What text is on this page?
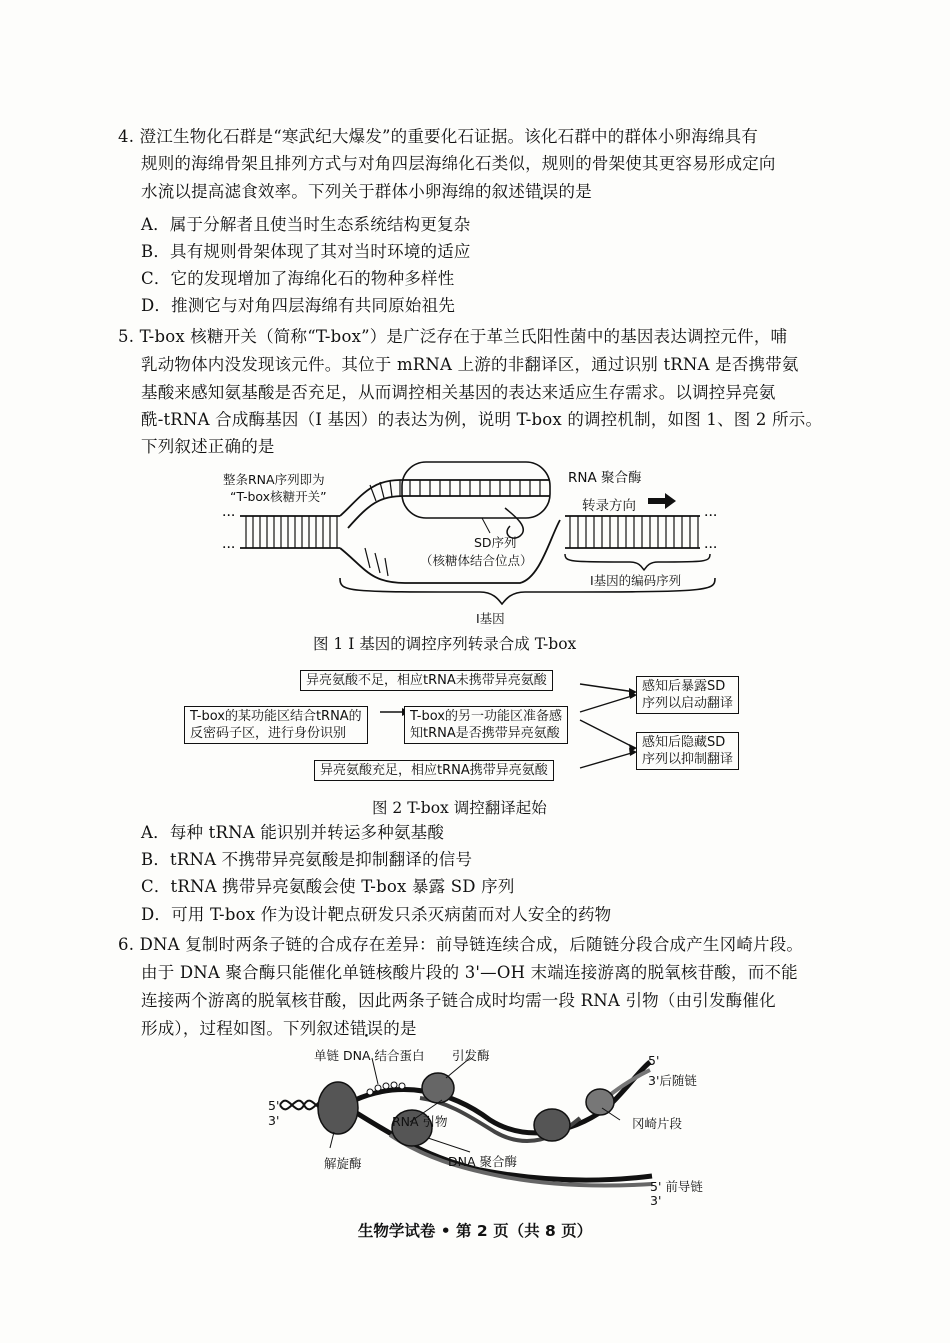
4. 澄江生物化石群是“寒武纪大爆发”的重要化石证据。该化石群中的群体小卵海绵具有
规则的海绵骨架且排列方式与对角四层海绵化石类似，规则的骨架使其更容易形成定向
水流以提高滤食效率。下列关于群体小卵海绵的叙述错误的是
A．属于分解者且使当时生态系统结构更复杂
B．具有规则骨架体现了其对当时环境的适应
C．它的发现增加了海绵化石的物种多样性
D．推测它与对角四层海绵有共同原始祖先
5. T-box 核糖开关（简称“T-box”）是广泛存在于革兰氏阳性菌中的基因表达调控元件，哺
乳动物体内没发现该元件。其位于 mRNA 上游的非翻译区，通过识别 tRNA 是否携带氨
基酸来感知氨基酸是否充足，从而调控相关基因的表达来适应生存需求。以调控异亮氨
酰-tRNA 合成酶基因（I 基因）的表达为例，说明 T-box 的调控机制，如图 1、图 2 所示。
下列叙述正确的是
···
···
···
···
整条RNA序列即为
“T-box核糖开关”
RNA 聚合酶
转录方向
SD序列
（核糖体结合位点）
I基因的编码序列
I基因
图 1 I 基因的调控序列转录合成 T-box
异亮氨酸不足，相应tRNA未携带异亮氨酸
T-box的某功能区结合tRNA的
反密码子区，进行身份识别
T-box的另一功能区准备感
知tRNA是否携带异亮氨酸
异亮氨酸充足，相应tRNA携带异亮氨酸
感知后暴露SD
序列以启动翻译
感知后隐藏SD
序列以抑制翻译
图 2 T-box 调控翻译起始
A．每种 tRNA 能识别并转运多种氨基酸
B．tRNA 不携带异亮氨酸是抑制翻译的信号
C．tRNA 携带异亮氨酸会使 T-box 暴露 SD 序列
D．可用 T-box 作为设计靶点研发只杀灭病菌而对人安全的药物
6. DNA 复制时两条子链的合成存在差异：前导链连续合成，后随链分段合成产生冈崎片段。
由于 DNA 聚合酶只能催化单链核酸片段的 3'—OH 末端连接游离的脱氧核苷酸，而不能
连接两个游离的脱氧核苷酸，因此两条子链合成时均需一段 RNA 引物（由引发酶催化
形成），过程如图。下列叙述错误的是
单链 DNA 结合蛋白 引发酶	5'
3'后随链
5'
3'	RNA 引物	冈崎片段
解旋酶	DNA 聚合酶
5' 前导链
3'
生物学试卷 • 第 2 页（共 8 页）
